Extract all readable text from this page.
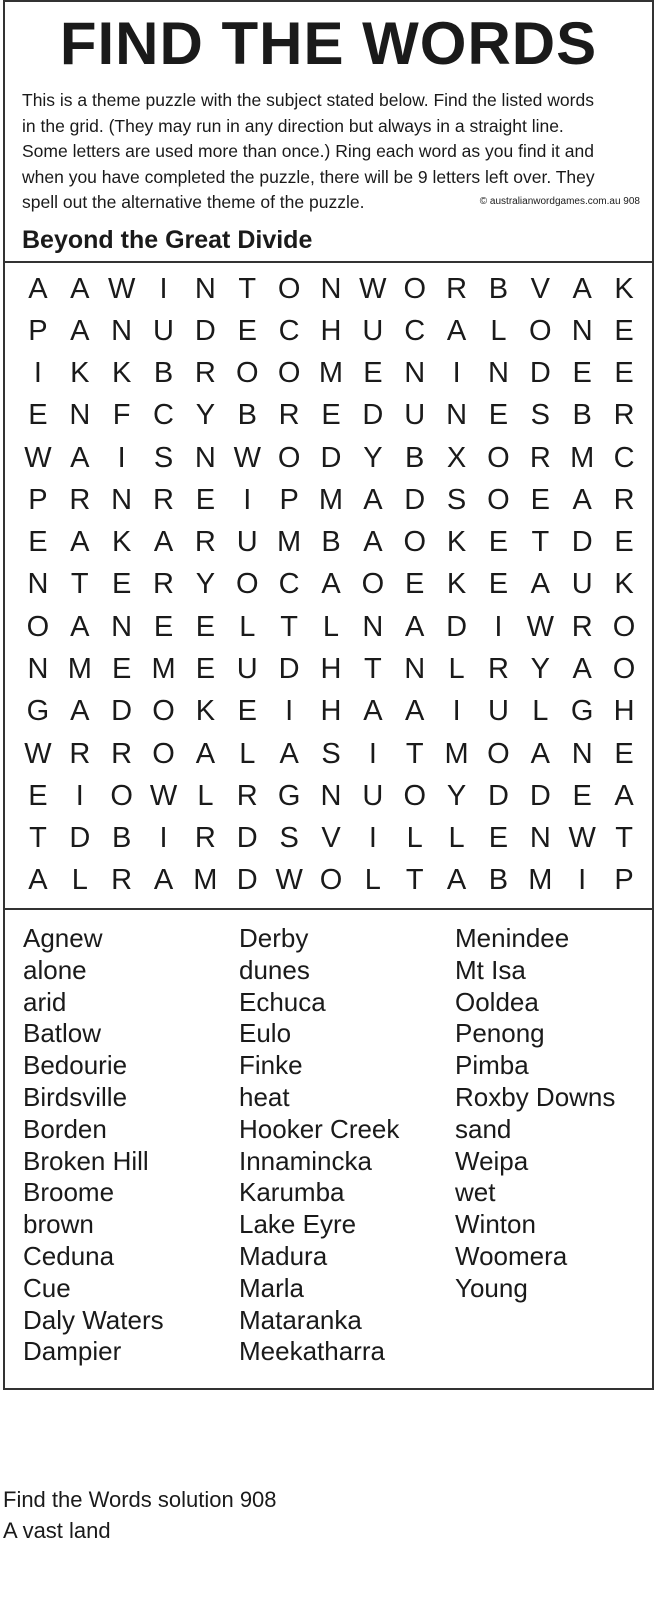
FIND THE WORDS
This is a theme puzzle with the subject stated below. Find the listed words
in the grid. (They may run in any direction but always in a straight line.
Some letters are used more than once.) Ring each word as you find it and
when you have completed the puzzle, there will be 9 letters left over. They
spell out the alternative theme of the puzzle.	© australianwordgames.com.au 908
Beyond the Great Divide
A A W I N T O N W O R B V A K
P A N U D E C H U C A L O N E
I K K B R O O M E N I N D E E
E N F C Y B R E D U N E S B R
W A I S N W O D Y B X O R M C
P R N R E I P M A D S O E A R
E A K A R U M B A O K E T D E
N T E R Y O C A O E K E A U K
O A N E E L T L N A D I W R O
N M E M E U D H T N L R Y A O
G A D O K E I H A A I U L G H
W R R O A L A S I T M O A N E
E I O W L R G N U O Y D D E A
T D B I R D S V I	L L E N W T
A L R A M D W O L T A B M I P
Agnew
alone
arid
Batlow
Bedourie
Birdsville
Borden
Broken Hill
Broome
brown
Ceduna
Cue
Daly Waters
Dampier
Derby
dunes
Echuca
Eulo
Finke
heat
Hooker Creek
Innamincka
Karumba
Lake Eyre
Madura
Marla
Mataranka
Meekatharra
Menindee
Mt Isa
Ooldea
Penong
Pimba
Roxby Downs
sand
Weipa
wet
Winton
Woomera
Young
Find the Words solution 908
A vast land
